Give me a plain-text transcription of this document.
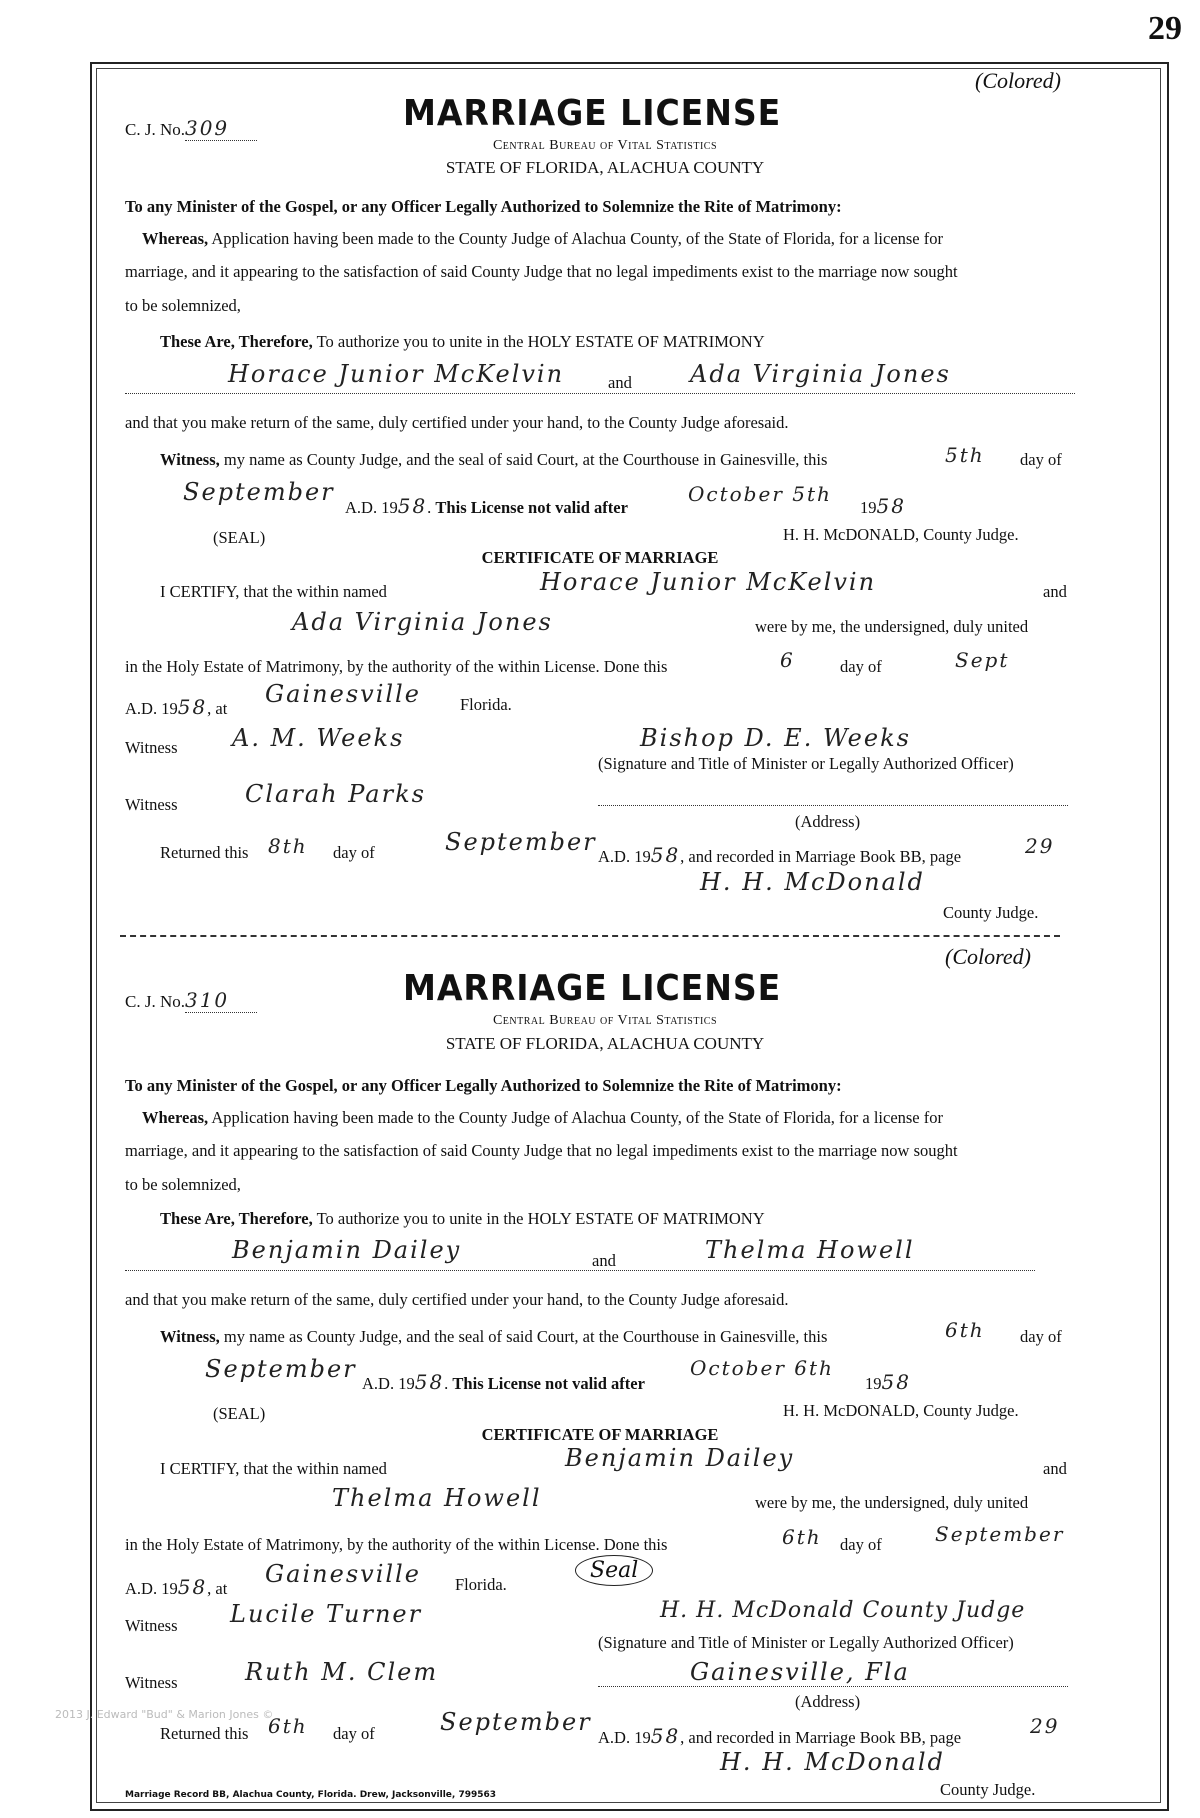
29
(Colored)
C. J. No.309	MARRIAGE LICENSE
Central Bureau of Vital Statistics
STATE OF FLORIDA, ALACHUA COUNTY
To any Minister of the Gospel, or any Officer Legally Authorized to Solemnize the Rite of Matrimony:
Whereas, Application having been made to the County Judge of Alachua County, of the State of Florida, for a license for
marriage, and it appearing to the satisfaction of said County Judge that no legal impediments exist to the marriage now sought
to be solemnized,
These Are, Therefore, To authorize you to unite in the HOLY ESTATE OF MATRIMONY
Horace Junior McKelvin	and Ada Virginia Jones
and that you make return of the same, duly certified under your hand, to the County Judge aforesaid.
Witness, my name as County Judge, and the seal of said Court, at the Courthouse in Gainesville, this	5th day of
September
A.D. 1958. This License not valid after
October 5th
1958
(SEAL)	H. H. McDONALD, County Judge.
CERTIFICATE OF MARRIAGE
I CERTIFY, that the within named	Horace Junior McKelvin	and
Ada Virginia Jones	were by me, the undersigned, duly united
in the Holy Estate of Matrimony, by the authority of the within License. Done this	6	day of	Sept
A.D. 1958, at
Gainesville Florida.
Witness A. M. Weeks	Bishop D. E. Weeks
(Signature and Title of Minister or Legally Authorized Officer)
Witness	Clarah Parks
(Address)
Returned this 8th day of	September
A.D. 1958, and recorded in Marriage Book BB, page	29
H. H. McDonald
County Judge.
(Colored)
C. J. No.310	MARRIAGE LICENSE
Central Bureau of Vital Statistics
STATE OF FLORIDA, ALACHUA COUNTY
To any Minister of the Gospel, or any Officer Legally Authorized to Solemnize the Rite of Matrimony:
Whereas, Application having been made to the County Judge of Alachua County, of the State of Florida, for a license for
marriage, and it appearing to the satisfaction of said County Judge that no legal impediments exist to the marriage now sought
to be solemnized,
These Are, Therefore, To authorize you to unite in the HOLY ESTATE OF MATRIMONY
Benjamin Dailey	and	Thelma Howell
and that you make return of the same, duly certified under your hand, to the County Judge aforesaid.
Witness, my name as County Judge, and the seal of said Court, at the Courthouse in Gainesville, this	6th day of
September
A.D. 1958. This License not valid after
October 6th
1958
(SEAL)	H. H. McDONALD, County Judge.
CERTIFICATE OF MARRIAGE
I CERTIFY, that the within named	Benjamin Dailey	and
Thelma Howell	were by me, the undersigned, duly united
in the Holy Estate of Matrimony, by the authority of the within License. Done this	6th day of	September
A.D. 1958, at
Gainesville Florida.
Seal
Witness Lucile Turner	H. H. McDonald County Judge
(Signature and Title of Minister or Legally Authorized Officer)
Witness	Ruth M. Clem	Gainesville, Fla
(Address)
Returned this 6th day of	September
A.D. 1958, and recorded in Marriage Book BB, page	29
H. H. McDonald
County Judge.
Marriage Record BB, Alachua County, Florida. Drew, Jacksonville, 799563
2013 J. Edward "Bud" & Marion Jones ©
